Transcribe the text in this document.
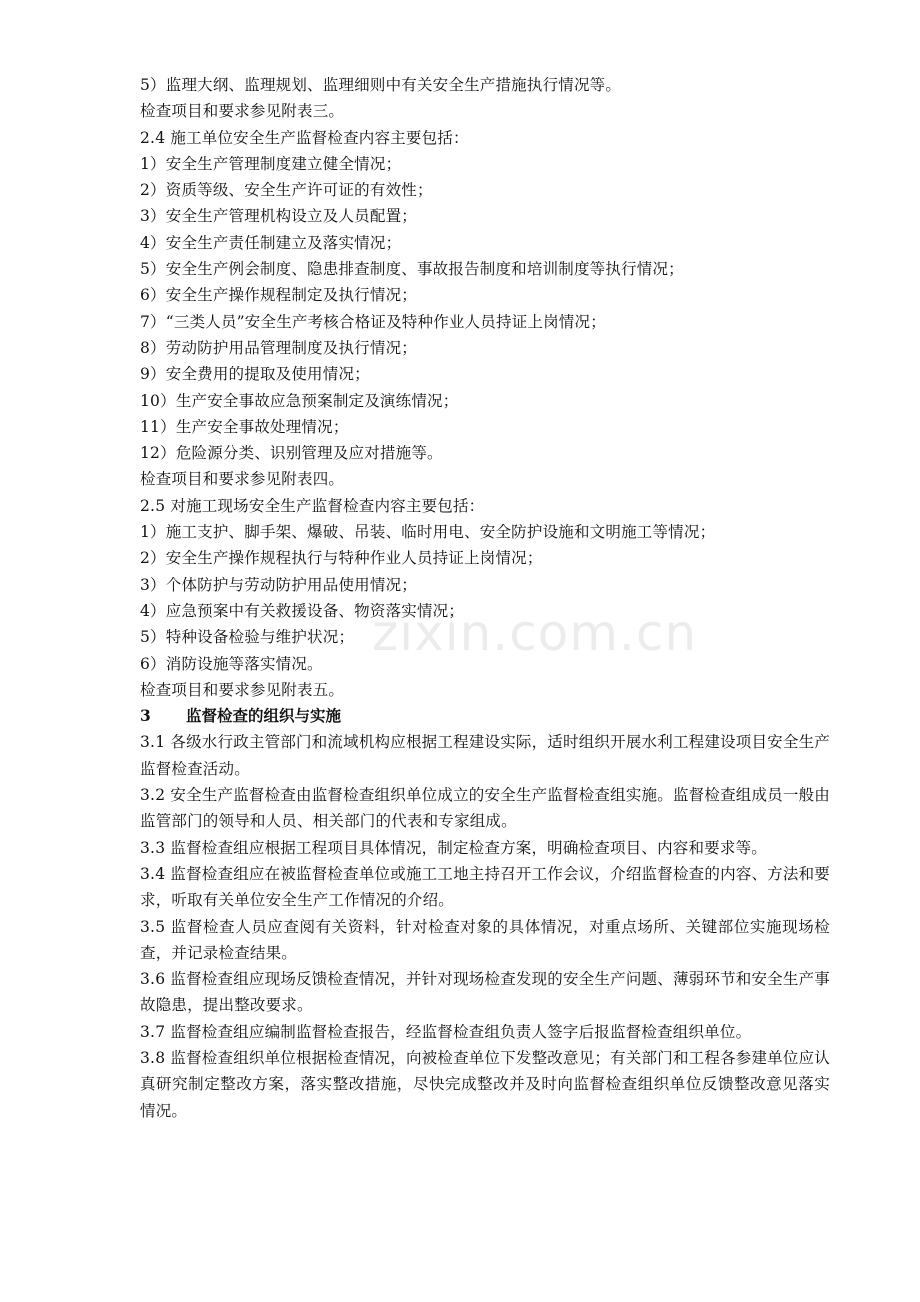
zixin.com.cn
5）监理大纲、监理规划、监理细则中有关安全生产措施执行情况等。
检查项目和要求参见附表三。
2.4 施工单位安全生产监督检查内容主要包括：
1）安全生产管理制度建立健全情况；
2）资质等级、安全生产许可证的有效性；
3）安全生产管理机构设立及人员配置；
4）安全生产责任制建立及落实情况；
5）安全生产例会制度、隐患排查制度、事故报告制度和培训制度等执行情况；
6）安全生产操作规程制定及执行情况；
7）“三类人员”安全生产考核合格证及特种作业人员持证上岗情况；
8）劳动防护用品管理制度及执行情况；
9）安全费用的提取及使用情况；
10）生产安全事故应急预案制定及演练情况；
11）生产安全事故处理情况；
12）危险源分类、识别管理及应对措施等。
检查项目和要求参见附表四。
2.5 对施工现场安全生产监督检查内容主要包括：
1）施工支护、脚手架、爆破、吊装、临时用电、安全防护设施和文明施工等情况；
2）安全生产操作规程执行与特种作业人员持证上岗情况；
3）个体防护与劳动防护用品使用情况；
4）应急预案中有关救援设备、物资落实情况；
5）特种设备检验与维护状况；
6）消防设施等落实情况。
检查项目和要求参见附表五。
3 监督检查的组织与实施
3.1 各级水行政主管部门和流域机构应根据工程建设实际，适时组织开展水利工程建设项目安全生产监督检查活动。
3.2 安全生产监督检查由监督检查组织单位成立的安全生产监督检查组实施。监督检查组成员一般由监管部门的领导和人员、相关部门的代表和专家组成。
3.3 监督检查组应根据工程项目具体情况，制定检查方案，明确检查项目、内容和要求等。
3.4 监督检查组应在被监督检查单位或施工工地主持召开工作会议，介绍监督检查的内容、方法和要求，听取有关单位安全生产工作情况的介绍。
3.5 监督检查人员应查阅有关资料，针对检查对象的具体情况，对重点场所、关键部位实施现场检查，并记录检查结果。
3.6 监督检查组应现场反馈检查情况，并针对现场检查发现的安全生产问题、薄弱环节和安全生产事故隐患，提出整改要求。
3.7 监督检查组应编制监督检查报告，经监督检查组负责人签字后报监督检查组织单位。
3.8 监督检查组织单位根据检查情况，向被检查单位下发整改意见；有关部门和工程各参建单位应认真研究制定整改方案，落实整改措施，尽快完成整改并及时向监督检查组织单位反馈整改意见落实情况。
